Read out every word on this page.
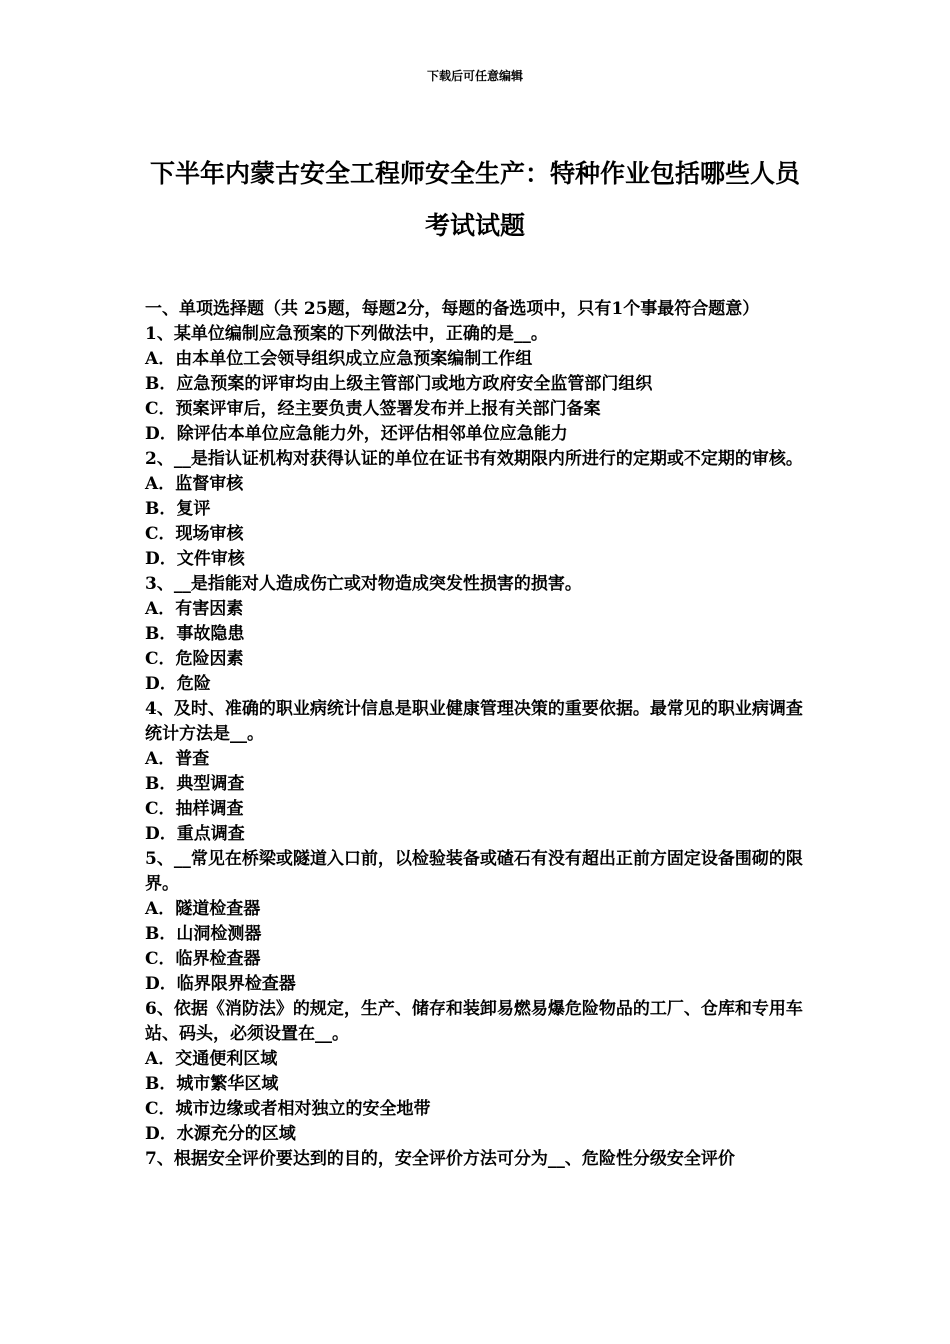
下载后可任意编辑
下半年内蒙古安全工程师安全生产：特种作业包括哪些人员考试试题

一、单项选择题（共 25题，每题2分，每题的备选项中，只有1个事最符合题意）

1、某单位编制应急预案的下列做法中，正确的是__。

A．由本单位工会领导组织成立应急预案编制工作组

B．应急预案的评审均由上级主管部门或地方政府安全监管部门组织

C．预案评审后，经主要负责人签署发布并上报有关部门备案

D．除评估本单位应急能力外，还评估相邻单位应急能力

2、__是指认证机构对获得认证的单位在证书有效期限内所进行的定期或不定期的审核。

A．监督审核

B．复评

C．现场审核

D．文件审核

3、__是指能对人造成伤亡或对物造成突发性损害的损害。

A．有害因素

B．事故隐患

C．危险因素

D．危险

4、及时、准确的职业病统计信息是职业健康管理决策的重要依据。最常见的职业病调查统计方法是__。

A．普查

B．典型调查

C．抽样调查

D．重点调查

5、__常见在桥梁或隧道入口前，以检验装备或碴石有没有超出正前方固定设备围砌的限界。

A．隧道检查器

B．山洞检测器

C．临界检查器

D．临界限界检查器

6、依据《消防法》的规定，生产、储存和装卸易燃易爆危险物品的工厂、仓库和专用车站、码头，必须设置在__。

A．交通便利区域

B．城市繁华区域

C．城市边缘或者相对独立的安全地带

D．水源充分的区域

7、根据安全评价要达到的目的，安全评价方法可分为__、危险性分级安全评价
